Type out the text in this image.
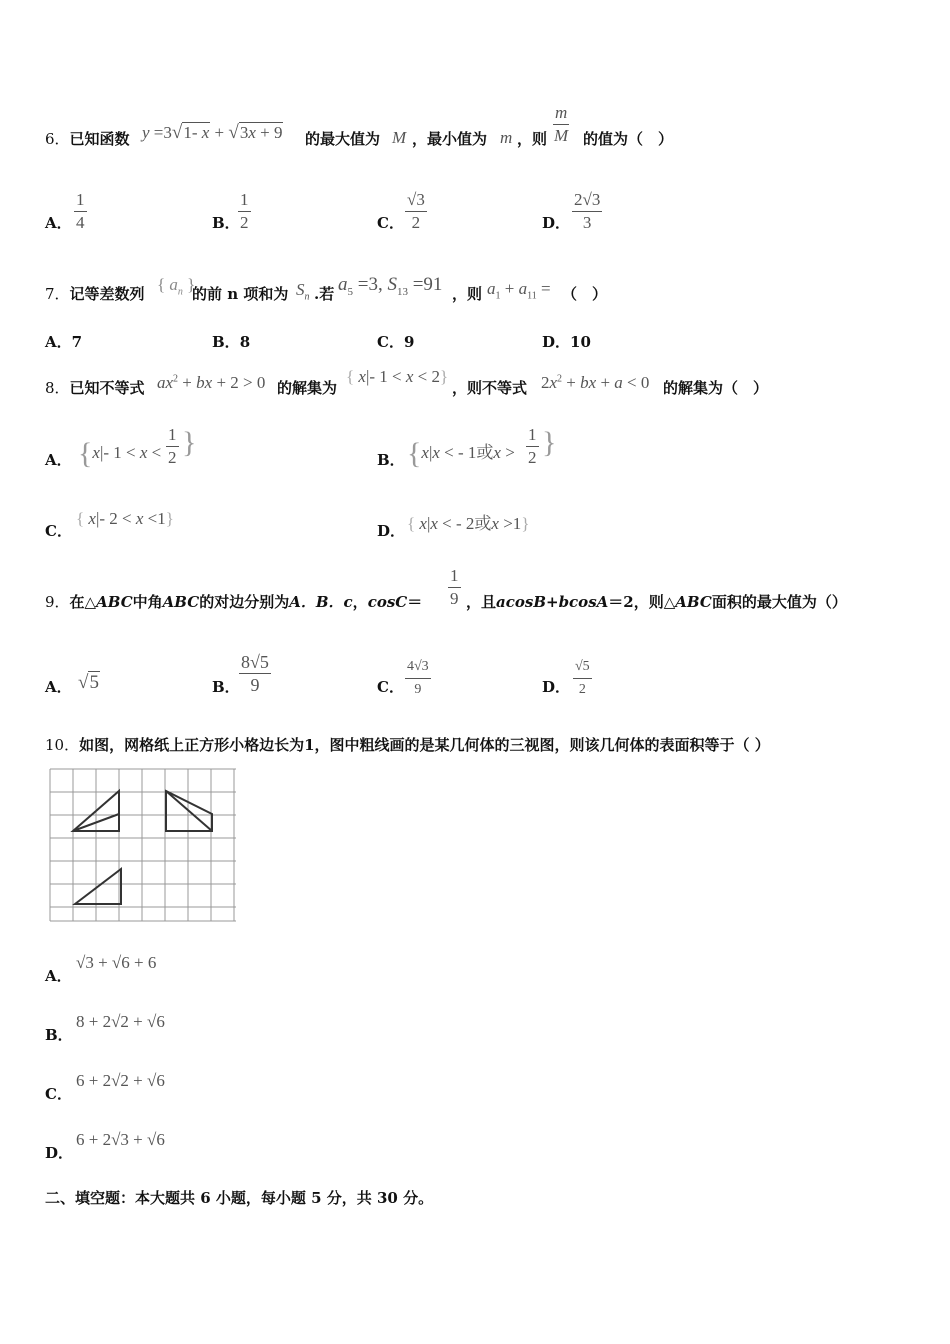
6．已知函数 y =3√1- x + √3x + 9 的最大值为 M ，最小值为 m ，则 $\frac{m}{M}$ 的值为（　）
A． $\frac{1}{4}$	B．
$\frac{1}{2}$	C． $\frac{√3}{2}$	D． $\frac{2√3}{3}$
7．记等差数列 { $a_n$ }
的前 n 项和为 $S_n$ .若 $a_5 =3$, $S_{13} =91$ ，则 $a_1 + a_{11}$ = （　）
A．7	B．8	C．9	D．10
8．已知不等式 $ax^2$ + bx + 2 > 0 的解集为
{ x|- 1 < x < 2}
，则不等式 $2x^2$ + bx + a < 0 的解集为（　）
A． {x|- $1 < x < \frac{1}{2}$ }
B． {x|x < - 1或$x > \frac{1}{2}$ }
C．
{ x|- 2 < x <1}
D． { x|x < - 2或x >1}
9．在△ABC中角ABC的对边分别为A．B．c，$\cos C= \frac{1}{9}$ ，且acosB+bcosA＝2，则△ABC面积的最大值为（）
A． √5	B． $\frac{8√5}{9}$	C． $\frac{4√3}{9}$	D． $\frac{√5}{2}$
10．如图，网格纸上正方形小格边长为1，图中粗线画的是某几何体的三视图，则该几何体的表面积等于（ ）
A．
√3 + √6 + 6
B．
8 + 2√2 + √6
C．
6 + 2√2 + √6
D．
6 + 2√3 + √6
二、填空题：本大题共 6 小题，每小题 5 分，共 30 分。
